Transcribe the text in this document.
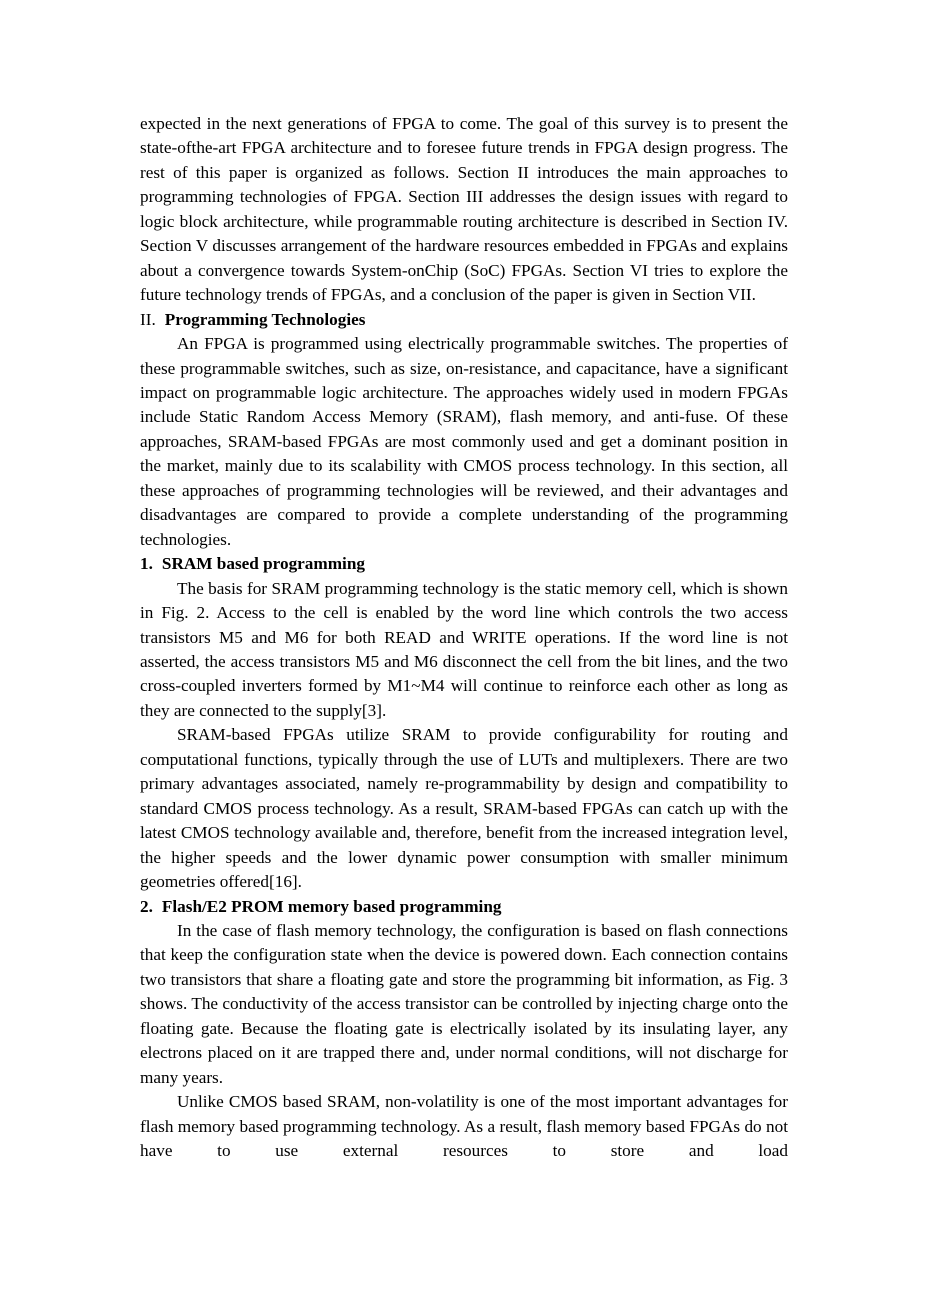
expected in the next generations of FPGA to come. The goal of this survey is to present the state-ofthe-art FPGA architecture and to foresee future trends in FPGA design progress. The rest of this paper is organized as follows. Section II introduces the main approaches to programming technologies of FPGA. Section III addresses the design issues with regard to logic block architecture, while programmable routing architecture is described in Section IV. Section V discusses arrangement of the hardware resources embedded in FPGAs and explains about a convergence towards System-onChip (SoC) FPGAs. Section VI tries to explore the future technology trends of FPGAs, and a conclusion of the paper is given in Section VII.

II. Programming Technologies

An FPGA is programmed using electrically programmable switches. The properties of these programmable switches, such as size, on-resistance, and capacitance, have a significant impact on programmable logic architecture. The approaches widely used in modern FPGAs include Static Random Access Memory (SRAM), flash memory, and anti-fuse. Of these approaches, SRAM-based FPGAs are most commonly used and get a dominant position in the market, mainly due to its scalability with CMOS process technology. In this section, all these approaches of programming technologies will be reviewed, and their advantages and disadvantages are compared to provide a complete understanding of the programming technologies.

1. SRAM based programming

The basis for SRAM programming technology is the static memory cell, which is shown in Fig. 2. Access to the cell is enabled by the word line which controls the two access transistors M5 and M6 for both READ and WRITE operations. If the word line is not asserted, the access transistors M5 and M6 disconnect the cell from the bit lines, and the two cross-coupled inverters formed by M1~M4 will continue to reinforce each other as long as they are connected to the supply[3].

SRAM-based FPGAs utilize SRAM to provide configurability for routing and computational functions, typically through the use of LUTs and multiplexers. There are two primary advantages associated, namely re-programmability by design and compatibility to standard CMOS process technology. As a result, SRAM-based FPGAs can catch up with the latest CMOS technology available and, therefore, benefit from the increased integration level, the higher speeds and the lower dynamic power consumption with smaller minimum geometries offered[16].

2. Flash/E2 PROM memory based programming

In the case of flash memory technology, the configuration is based on flash connections that keep the configuration state when the device is powered down. Each connection contains two transistors that share a floating gate and store the programming bit information, as Fig. 3 shows. The conductivity of the access transistor can be controlled by injecting charge onto the floating gate. Because the floating gate is electrically isolated by its insulating layer, any electrons placed on it are trapped there and, under normal conditions, will not discharge for many years.

Unlike CMOS based SRAM, non-volatility is one of the most important advantages for flash memory based programming technology. As a result, flash memory based FPGAs do not have to use external resources to store and load
